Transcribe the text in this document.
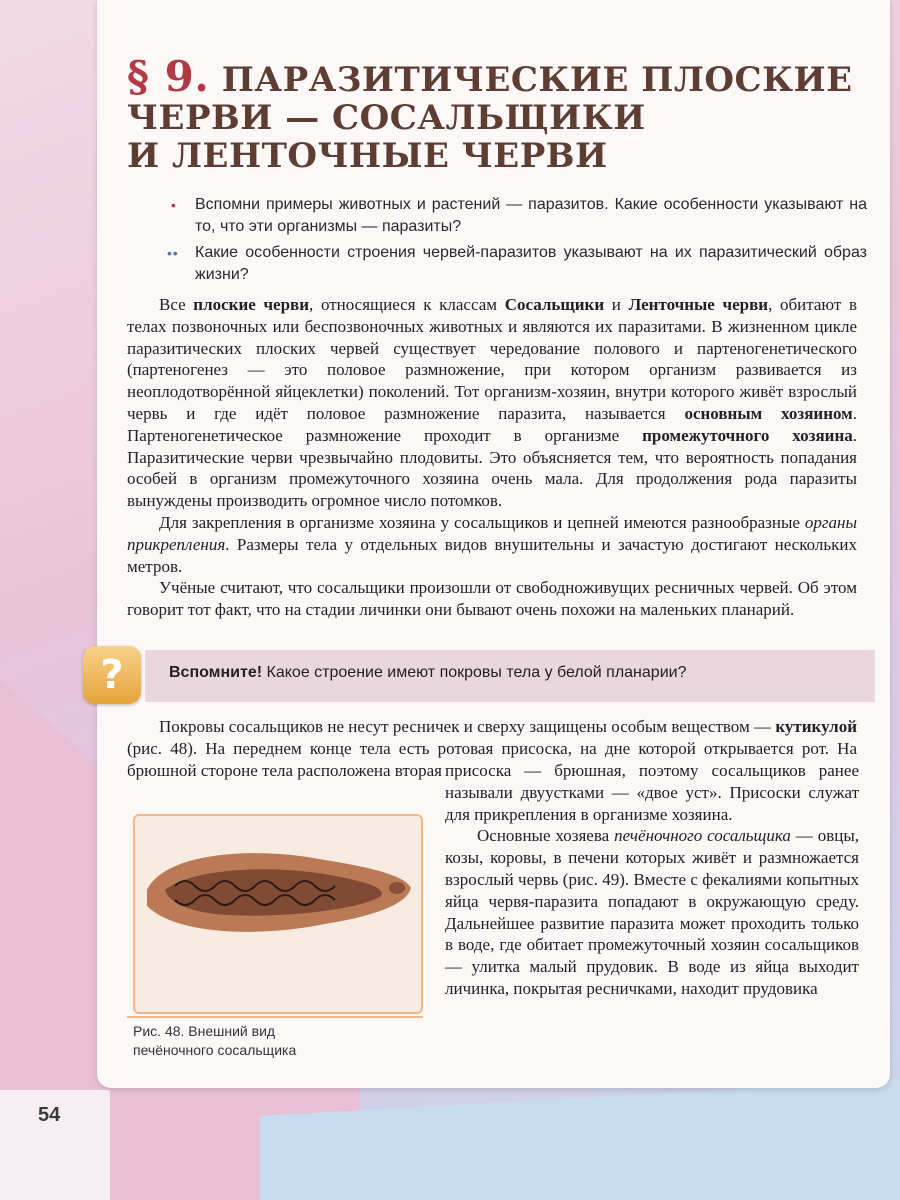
§ 9. ПАРАЗИТИЧЕСКИЕ ПЛОСКИЕ
ЧЕРВИ — СОСАЛЬЩИКИ
И ЛЕНТОЧНЫЕ ЧЕРВИ
• Вспомни примеры животных и растений — паразитов. Какие особенности указывают на то, что эти организмы — паразиты?
•• Какие особенности строения червей-паразитов указывают на их паразитический образ жизни?

Все плоские черви, относящиеся к классам Сосальщики и Ленточные черви, обитают в телах позвоночных или беспозвоночных животных и являются их паразитами. В жизненном цикле паразитических плоских червей существует чередование полового и партеногенетического (партеногенез — это половое размножение, при котором организм развивается из неоплодотворённой яйцеклетки) поколений. Тот организм-хозяин, внутри которого живёт взрослый червь и где идёт половое размножение паразита, называется основным хозяином. Партеногенетическое размножение проходит в организме промежуточного хозяина. Паразитические черви чрезвычайно плодовиты. Это объясняется тем, что вероятность попадания особей в организм промежуточного хозяина очень мала. Для продолжения рода паразиты вынуждены производить огромное число потомков.

Для закрепления в организме хозяина у сосальщиков и цепней имеются разнообразные органы прикрепления. Размеры тела у отдельных видов внушительны и зачастую достигают нескольких метров.

Учёные считают, что сосальщики произошли от свободноживущих ресничных червей. Об этом говорит тот факт, что на стадии личинки они бывают очень похожи на маленьких планарий.

?	Вспомните! Какое строение имеют покровы тела у белой планарии?

Покровы сосальщиков не несут ресничек и сверху защищены особым веществом — кутикулой (рис. 48). На переднем конце тела есть ротовая присоска, на дне которой открывается рот. На брюшной стороне тела расположена вторая

Рис. 48. Внешний вид
печёночного сосальщика

присоска — брюшная, поэтому сосальщиков ранее называли двуустками — «двое уст». Присоски служат для прикрепления в организме хозяина.

Основные хозяева печёночного сосальщика — овцы, козы, коровы, в печени которых живёт и размножается взрослый червь (рис. 49). Вместе с фекалиями копытных яйца червя-паразита попадают в окружающую среду. Дальнейшее развитие паразита может проходить только в воде, где обитает промежуточный хозяин сосальщиков — улитка малый прудовик. В воде из яйца выходит личинка, покрытая ресничками, находит прудовика

54
